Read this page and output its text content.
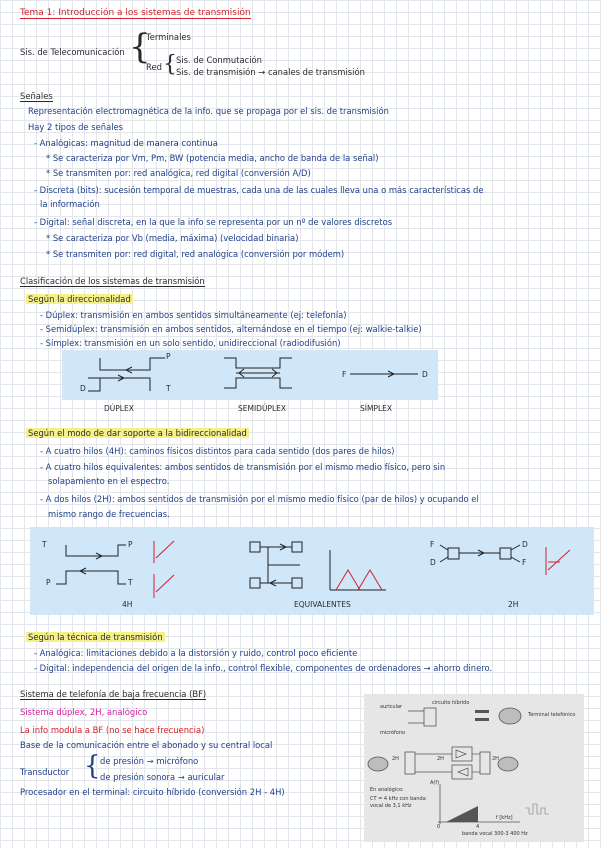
Tema 1: Introducción a los sistemas de transmisión
Sis. de Telecomunicación {
Terminales
Red { Sis. de Conmutación
Sis. de transmisión → canales de transmisión
Señales
Representación electromagnética de la info. que se propaga por el sis. de transmisión
Hay 2 tipos de señales
- Analógicas: magnitud de manera continua
* Se caracteriza por Vm, Pm, BW (potencia media, ancho de banda de la señal)
* Se transmiten por: red analógica, red digital (conversión A/D)
- Discreta (bits): sucesión temporal de muestras, cada una de las cuales lleva una o más características de
la información
- Digital: señal discreta, en la que la info se representa por un nº de valores discretos
* Se caracteriza por Vb (media, máxima) (velocidad binaria)
* Se transmiten por: red digital, red analógica (conversión por módem)
Clasificación de los sistemas de transmisión
Según la direccionalidad
- Dúplex: transmisión en ambos sentidos simultáneamente (ej: telefonía)
- Semidúplex: transmisión en ambos sentidos, alternándose en el tiempo (ej: walkie-talkie)
- Símplex: transmisión en un solo sentido, unidireccional (radiodifusión)
P
T
D
D
F
DÚPLEX	SEMIDÚPLEX	SÍMPLEX
Según el modo de dar soporte a la bidireccionalidad
- A cuatro hilos (4H): caminos físicos distintos para cada sentido (dos pares de hilos)
- A cuatro hilos equivalentes: ambos sentidos de transmisión por el mismo medio físico, pero sin
solapamiento en el espectro.
- A dos hilos (2H): ambos sentidos de transmisión por el mismo medio físico (par de hilos) y ocupando el
mismo rango de frecuencias.
T	P
P	T
F
D
D
F
4H	EQUIVALENTES	2H
Según la técnica de transmisión
- Analógica: limitaciones debido a la distorsión y ruido, control poco eficiente
- Digital: independencia del origen de la info., control flexible, componentes de ordenadores → ahorro dinero.
Sistema de telefonía de baja frecuencia (BF)
Sistema dúplex, 2H, analógico
La info modula a BF (no se hace frecuencia)
Base de la comunicación entre el abonado y su central local
Transductor { de presión → micrófono
de presión sonora → auricular
Procesador en el terminal: circuito híbrido (conversión 2H - 4H)
auricular
circuito híbrido
micrófono
Terminal telefónico
2H	2H	2H
En analógico:
CT = 4 kHz con banda
vocal de 3,1 kHz
A(f)
f [kHz]
banda vocal 300-3 400 Hz
0	4
